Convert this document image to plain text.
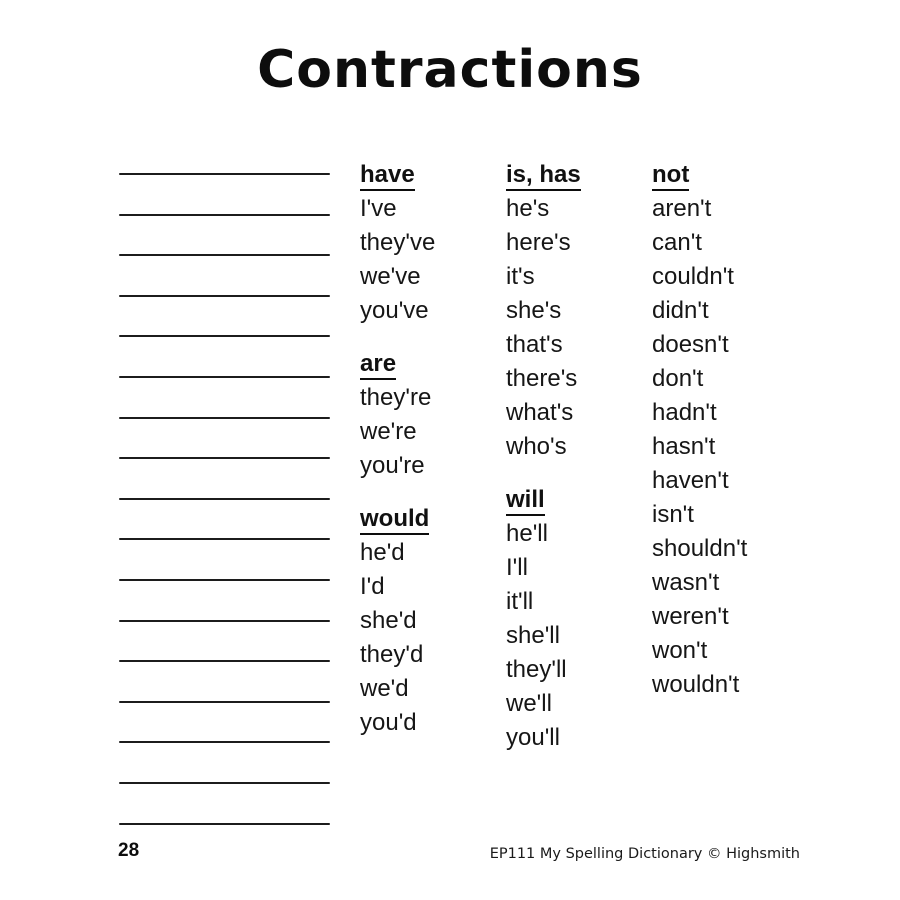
Contractions
have
I've
they've
we've
you've
are
they're
we're
you're
would
he'd
I'd
she'd
they'd
we'd
you'd
is, has
he's
here's
it's
she's
that's
there's
what's
who's
will
he'll
I'll
it'll
she'll
they'll
we'll
you'll
not
aren't
can't
couldn't
didn't
doesn't
don't
hadn't
hasn't
haven't
isn't
shouldn't
wasn't
weren't
won't
wouldn't
28	EP111 My Spelling Dictionary © Highsmith
